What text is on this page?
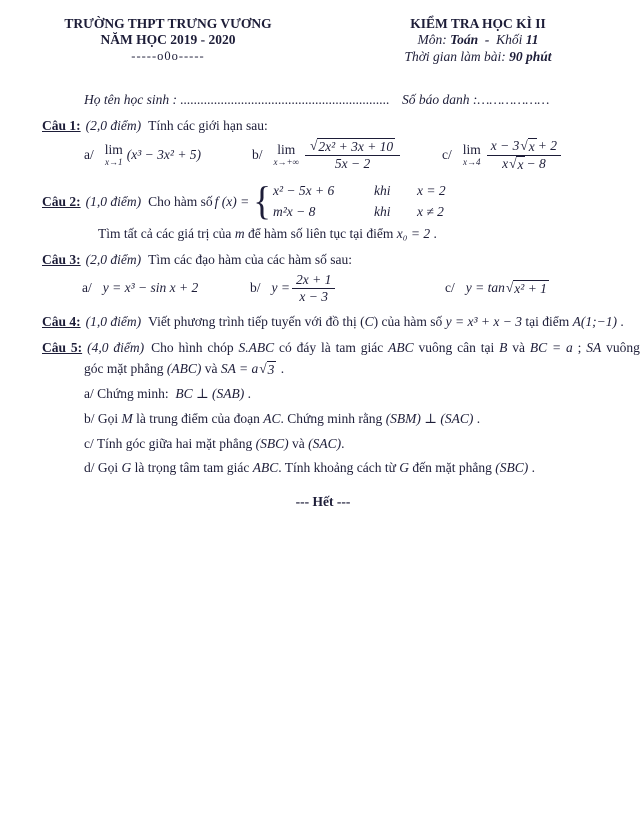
TRƯỜNG THPT TRƯNG VƯƠNG
NĂM HỌC 2019 - 2020
-----o0o-----
KIỂM TRA HỌC KÌ II
Môn: Toán  -  Khối 11
Thời gian làm bài: 90 phút
Họ tên học sinh : .............................................................. Số báo danh :………………
Câu 1: (2,0 điểm) Tính các giới hạn sau:
a/ lim
x→1
(x³ − 3x² + 5)	b/ lim
$x\to+\infty \frac{\text{√ 2x² + 3x + 10}}{5x - 2}$	c/ lim
$x\to 4 \frac{x - 3 √ x + 2}{x √ x - 8}$
Câu 2: (1,0 điểm) Cho hàm số f (x) = { x² − 5x + 6	khi	x = 2
m²x − 8	khi	x ≠ 2
Tìm tất cả các giá trị của m để hàm số liên tục tại điểm x₀ = 2 .
Câu 3: (2,0 điểm) Tìm các đạo hàm của các hàm số sau:
a/ y = x³ − sin x + 2	b/ $y = \frac{2x + 1}{x - 3}$	c/ y = tan √ x² + 1
Câu 4: (1,0 điểm) Viết phương trình tiếp tuyến với đồ thị (C) của hàm số y = x³ + x − 3 tại điểm A(1;−1) .
Câu 5: (4,0 điểm) Cho hình chóp S.ABC có đáy là tam giác ABC vuông cân tại B và BC = a ; SA vuông
góc mặt phẳng (ABC) và SA = a √ 3 .
a/ Chứng minh:  BC ⊥ (SAB) .
b/ Gọi M là trung điểm của đoạn AC. Chứng minh rằng (SBM) ⊥ (SAC) .
c/ Tính góc giữa hai mặt phẳng (SBC) và (SAC).
d/ Gọi G là trọng tâm tam giác ABC. Tính khoảng cách từ G đến mặt phẳng (SBC) .
--- Hết ---
